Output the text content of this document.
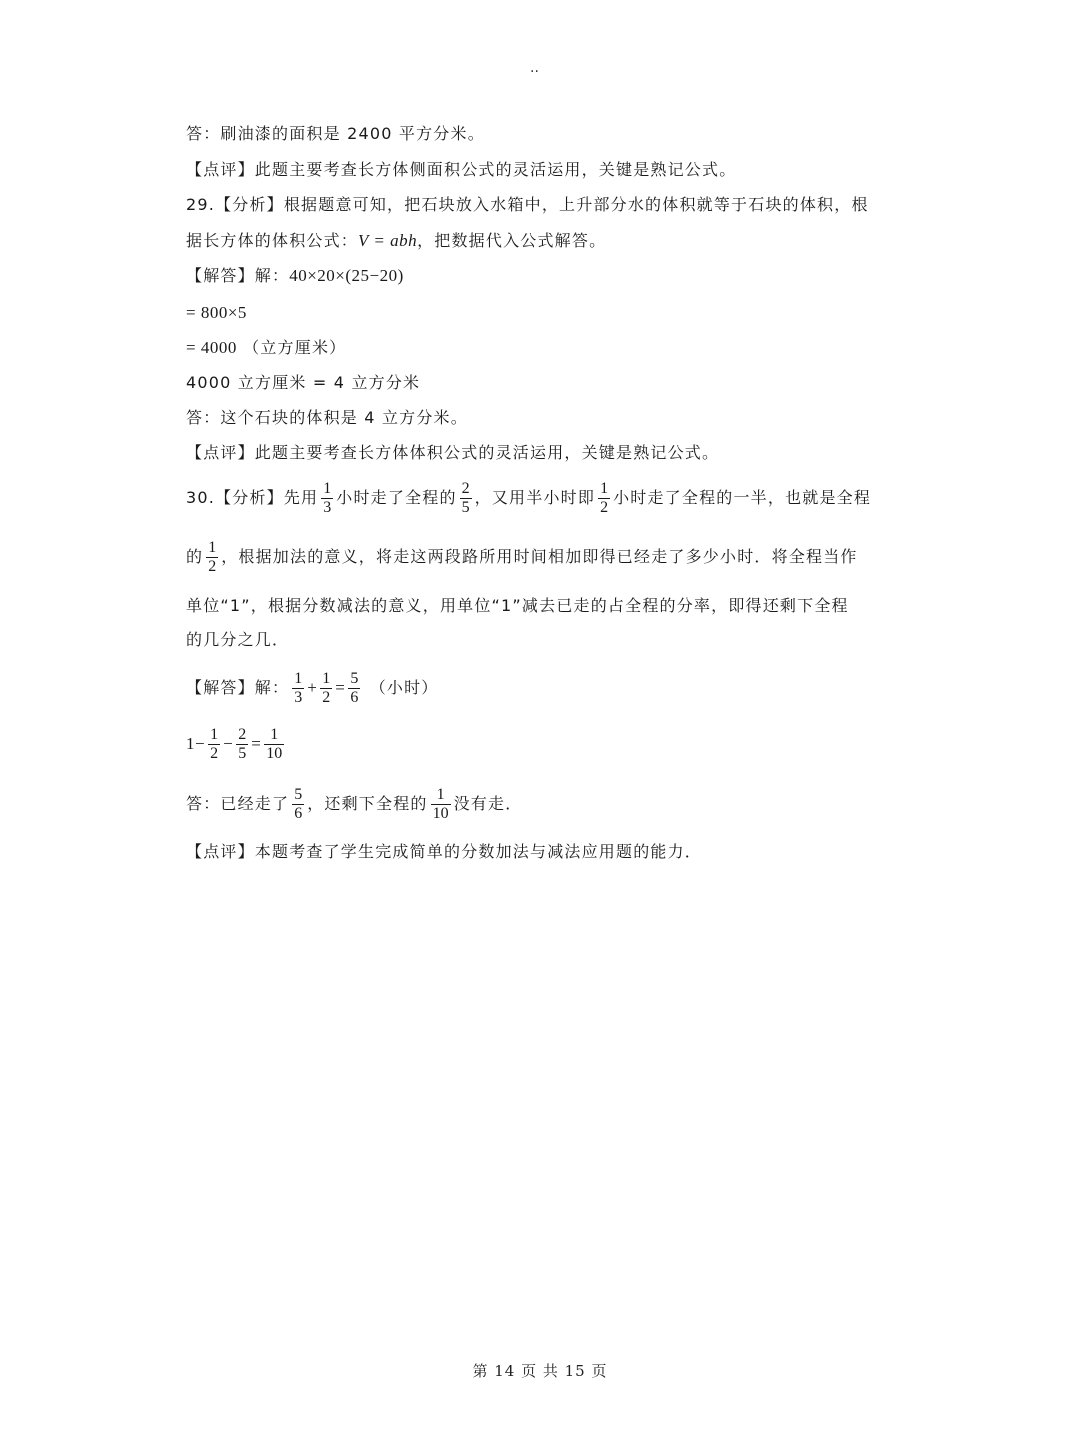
..
答：刷油漆的面积是 2400 平方分米。
【点评】此题主要考查长方体侧面积公式的灵活运用，关键是熟记公式。
29.【分析】根据题意可知，把石块放入水箱中，上升部分水的体积就等于石块的体积，根
据长方体的体积公式：V = abh，把数据代入公式解答。
【解答】解：40×20×(25−20)
= 800×5
= 4000 （立方厘米）
4000 立方厘米 = 4 立方分米
答：这个石块的体积是 4 立方分米。
【点评】此题主要考查长方体体积公式的灵活运用，关键是熟记公式。
30.【分析】先用 $\frac{1}{3}$ 小时走了全程的 $\frac{2}{5}$ ，又用半小时即 $\frac{1}{2}$ 小时走了全程的一半，也就是全程
的 $\frac{1}{2}$ ，根据加法的意义，将走这两段路所用时间相加即得已经走了多少小时．将全程当作
单位“1”，根据分数减法的意义，用单位“1”减去已走的占全程的分率，即得还剩下全程
的几分之几．
【解答】解： $\frac{1}{3} + \frac{1}{2} = \frac{5}{6}$ （小时）
$1- \frac{1}{2} - \frac{2}{5} = \frac{1}{10}$
答：已经走了 $\frac{5}{6}$ ，还剩下全程的 $\frac{1}{10}$ 没有走．
【点评】本题考查了学生完成简单的分数加法与减法应用题的能力．
第 14 页 共 15 页
